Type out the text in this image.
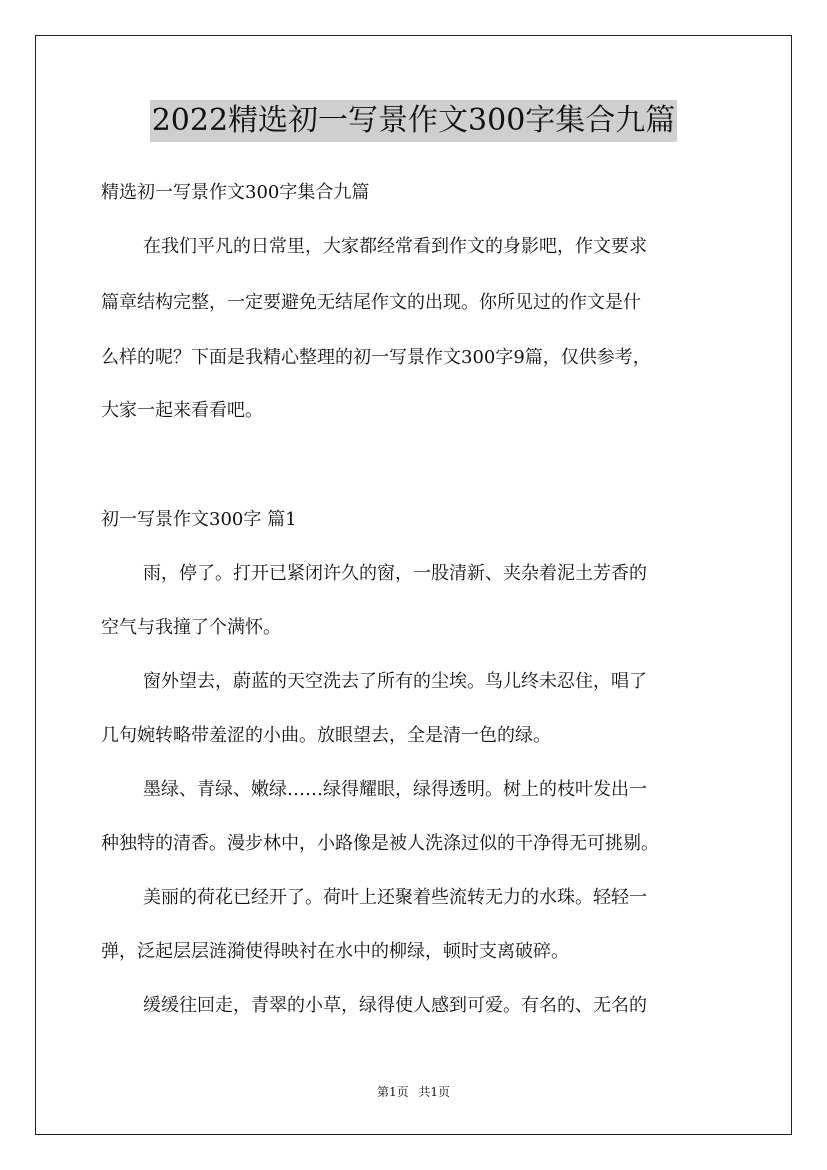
2022精选初一写景作文300字集合九篇
精选初一写景作文300字集合九篇
在我们平凡的日常里，大家都经常看到作文的身影吧，作文要求
篇章结构完整，一定要避免无结尾作文的出现。你所见过的作文是什
么样的呢？下面是我精心整理的初一写景作文300字9篇，仅供参考，
大家一起来看看吧。
初一写景作文300字 篇1
雨，停了。打开已紧闭许久的窗，一股清新、夹杂着泥土芳香的
空气与我撞了个满怀。
窗外望去，蔚蓝的天空洗去了所有的尘埃。鸟儿终未忍住，唱了
几句婉转略带羞涩的小曲。放眼望去，全是清一色的绿。
墨绿、青绿、嫩绿……绿得耀眼，绿得透明。树上的枝叶发出一
种独特的清香。漫步林中，小路像是被人洗涤过似的干净得无可挑剔。
美丽的荷花已经开了。荷叶上还聚着些流转无力的水珠。轻轻一
弹，泛起层层涟漪使得映衬在水中的柳绿，顿时支离破碎。
缓缓往回走，青翠的小草，绿得使人感到可爱。有名的、无名的
第1页 共1页
